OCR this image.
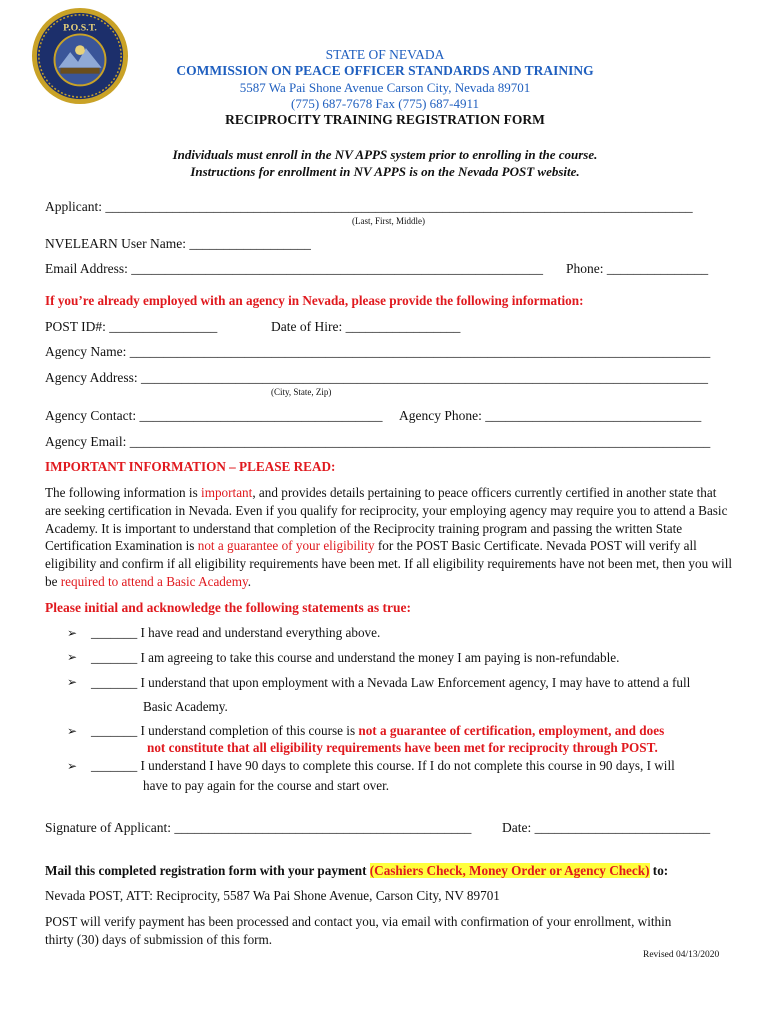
P.O.S.T.
STATE OF NEVADA
COMMISSION ON PEACE OFFICER STANDARDS AND TRAINING
5587 Wa Pai Shone Avenue Carson City, Nevada 89701
(775) 687-7678 Fax (775) 687-4911
RECIPROCITY TRAINING REGISTRATION FORM
Individuals must enroll in the NV APPS system prior to enrolling in the course.
Instructions for enrollment in NV APPS is on the Nevada POST website.
Applicant: _______________________________________________________________________________________
(Last, First, Middle)
NVELEARN User Name: __________________
Email Address: _____________________________________________________________ Phone: _______________
If you’re already employed with an agency in Nevada, please provide the following information:
POST ID#: ________________	Date of Hire: _________________
Agency Name: ______________________________________________________________________________________
Agency Address: ____________________________________________________________________________________
(City, State, Zip)
Agency Contact: ____________________________________ Agency Phone: ________________________________
Agency Email: ______________________________________________________________________________________
IMPORTANT INFORMATION – PLEASE READ:
The following information is important, and provides details pertaining to peace officers currently certified in another state that are seeking certification in Nevada. Even if you qualify for reciprocity, your employing agency may require you to attend a Basic Academy. It is important to understand that completion of the Reciprocity training program and passing the written State Certification Examination is not a guarantee of your eligibility for the POST Basic Certificate. Nevada POST will verify all eligibility and confirm if all eligibility requirements have been met. If all eligibility requirements have not been met, then you will be required to attend a Basic Academy.
Please initial and acknowledge the following statements as true:
➢ _______ I have read and understand everything above.
➢ _______ I am agreeing to take this course and understand the money I am paying is non-refundable.
➢ _______ I understand that upon employment with a Nevada Law Enforcement agency, I may have to attend a full
Basic Academy.
➢ _______ I understand completion of this course is not a guarantee of certification, employment, and does
not constitute that all eligibility requirements have been met for reciprocity through POST.
➢ _______ I understand I have 90 days to complete this course. If I do not complete this course in 90 days, I will
have to pay again for the course and start over.
Signature of Applicant: ____________________________________________ Date: __________________________
Mail this completed registration form with your payment (Cashiers Check, Money Order or Agency Check) to:
Nevada POST, ATT: Reciprocity, 5587 Wa Pai Shone Avenue, Carson City, NV 89701
POST will verify payment has been processed and contact you, via email with confirmation of your enrollment, within
thirty (30) days of submission of this form.
Revised 04/13/2020
